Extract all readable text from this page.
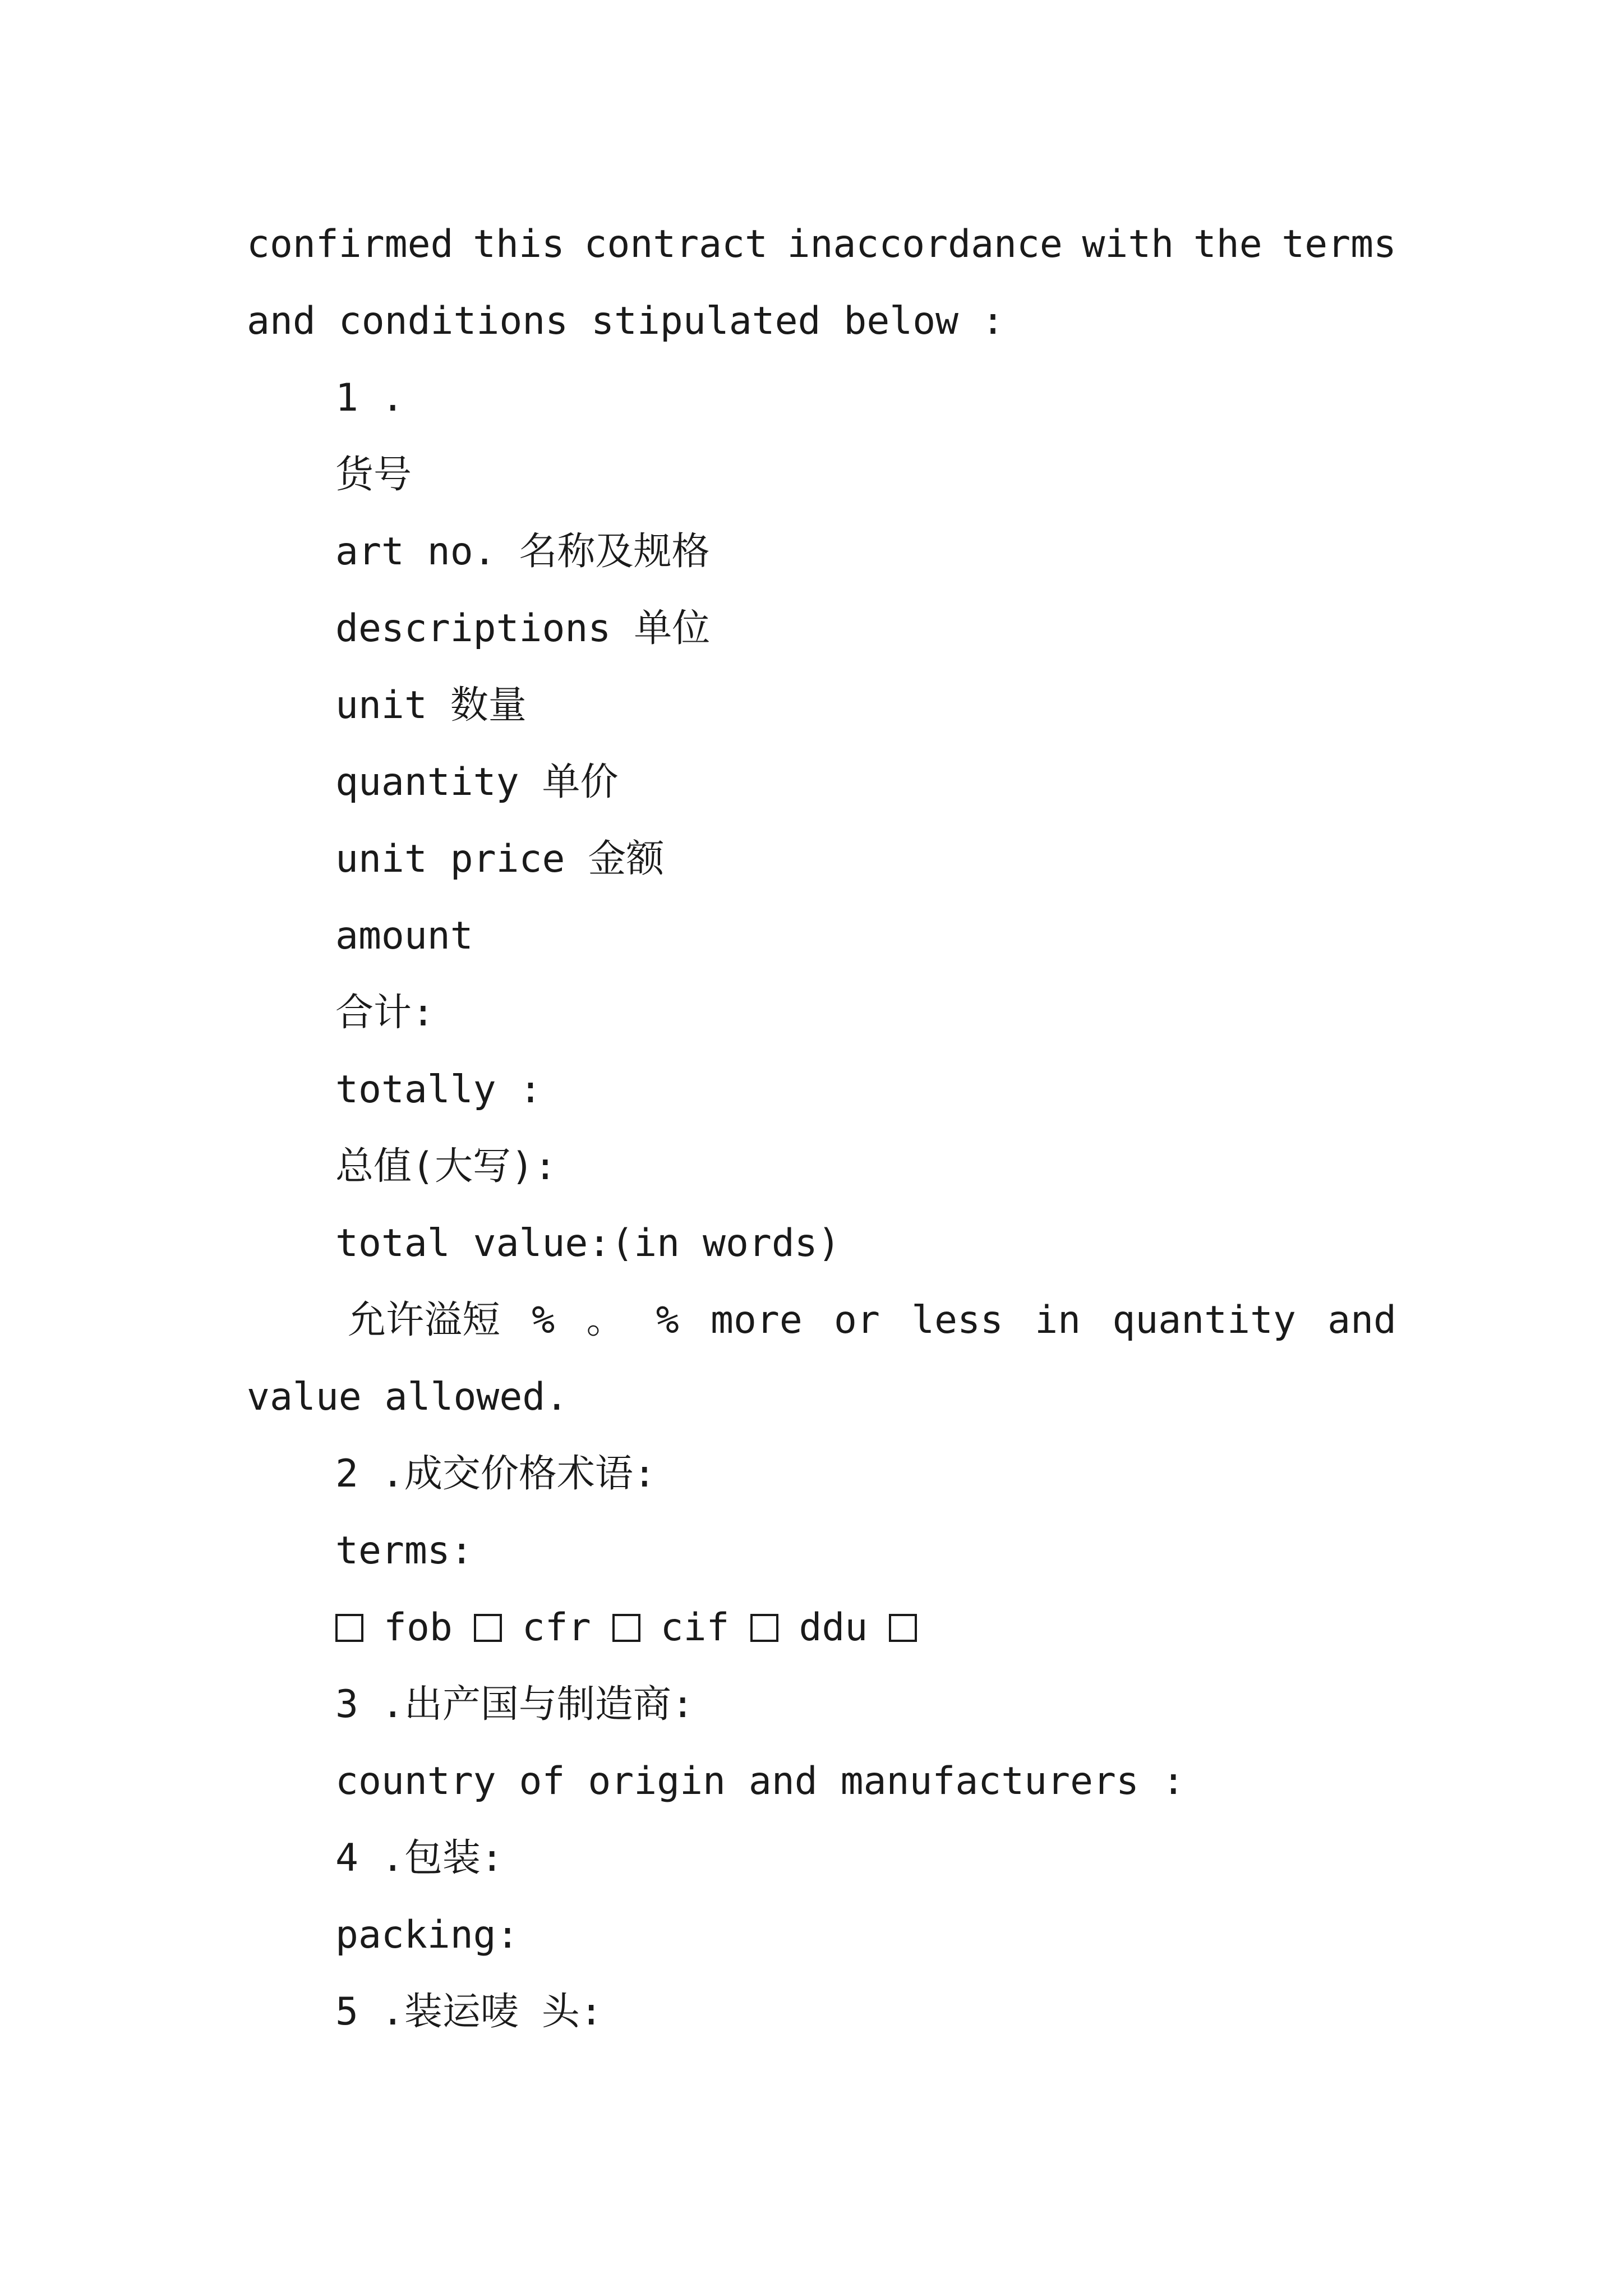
confirmed this contract inaccordance with the terms

and conditions stipulated below :

1 .

货号

art no. 名称及规格

descriptions 单位

unit 数量

quantity 单价

unit price 金额

amount

合计:

totally :

总值(大写):

total value:(in words)

允许溢短 % 。 % more or less in quantity and

value allowed.

2 .成交价格术语:

terms:

fob cfr cif ddu

3 .出产国与制造商:

country of origin and manufacturers :

4 .包装:

packing:

5 .装运唛 头:
